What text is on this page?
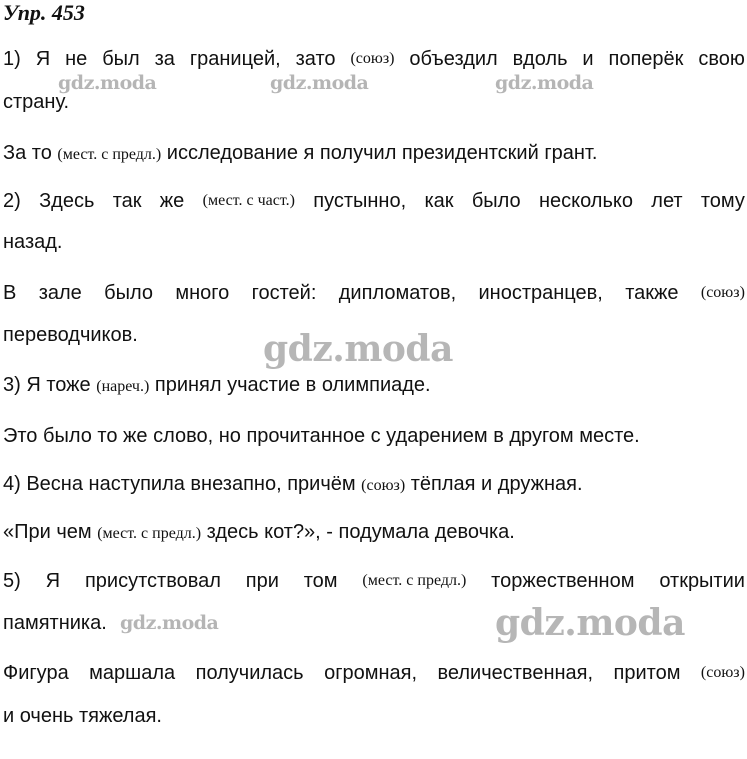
Упр. 453
1) Я не был за границей, зато (союз) объездил вдоль и поперёк свою
страну.
За то (мест. с предл.) исследование я получил президентский грант.
2) Здесь так же (мест. с част.) пустынно, как было несколько лет тому
назад.
В зале было много гостей: дипломатов, иностранцев, также (союз)
переводчиков.
3) Я тоже (нареч.) принял участие в олимпиаде.
Это было то же слово, но прочитанное с ударением в другом месте.
4) Весна наступила внезапно, причём (союз) тёплая и дружная.
«При чем (мест. с предл.) здесь кот?», - подумала девочка.
5) Я присутствовал при том (мест. с предл.) торжественном открытии
памятника.
Фигура маршала получилась огромная, величественная, притом (союз)
и очень тяжелая.
gdz.moda	gdz.moda	gdz.moda
gdz.moda
gdz.moda	gdz.moda
